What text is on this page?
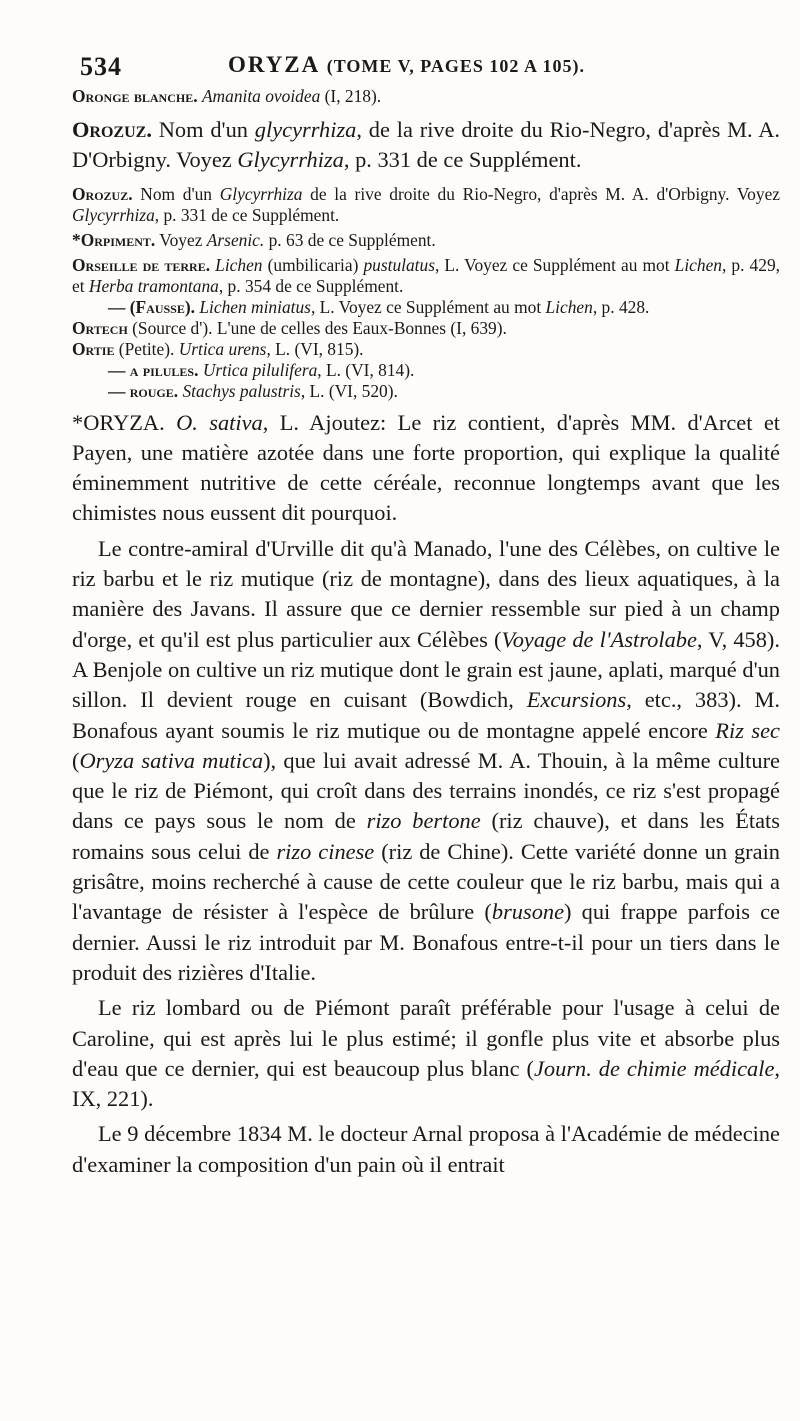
534	ORYZA (TOME V, PAGES 102 A 105).

Oronge blanche. Amanita ovoidea (I, 218).

Orozuz. Nom d'un glycyrrhiza, de la rive droite du Rio-Negro, d'après M. A. D'Orbigny. Voyez Glycyrrhiza, p. 331 de ce Supplément.

Orozuz. Nom d'un Glycyrrhiza de la rive droite du Rio-Negro, d'après M. A. d'Orbigny. Voyez Glycyrrhiza, p. 331 de ce Supplément.

*Orpiment. Voyez Arsenic. p. 63 de ce Supplément.

Orseille de terre. Lichen (umbilicaria) pustulatus, L. Voyez ce Supplément au mot Lichen, p. 429, et Herba tramontana, p. 354 de ce Supplément.

— (Fausse). Lichen miniatus, L. Voyez ce Supplément au mot Lichen, p. 428.

Ortech (Source d'). L'une de celles des Eaux-Bonnes (I, 639).

Ortie (Petite). Urtica urens, L. (VI, 815).

— a pilules. Urtica pilulifera, L. (VI, 814).

— rouge. Stachys palustris, L. (VI, 520).

*ORYZA. O. sativa, L. Ajoutez: Le riz contient, d'après MM. d'Arcet et Payen, une matière azotée dans une forte proportion, qui explique la qualité éminemment nutritive de cette céréale, reconnue longtemps avant que les chimistes nous eussent dit pourquoi.

Le contre-amiral d'Urville dit qu'à Manado, l'une des Célèbes, on cultive le riz barbu et le riz mutique (riz de montagne), dans des lieux aquatiques, à la manière des Javans. Il assure que ce dernier ressemble sur pied à un champ d'orge, et qu'il est plus particulier aux Célèbes (Voyage de l'Astrolabe, V, 458). A Benjole on cultive un riz mutique dont le grain est jaune, aplati, marqué d'un sillon. Il devient rouge en cuisant (Bowdich, Excursions, etc., 383). M. Bonafous ayant soumis le riz mutique ou de montagne appelé encore Riz sec (Oryza sativa mutica), que lui avait adressé M. A. Thouin, à la même culture que le riz de Piémont, qui croît dans des terrains inondés, ce riz s'est propagé dans ce pays sous le nom de rizo bertone (riz chauve), et dans les États romains sous celui de rizo cinese (riz de Chine). Cette variété donne un grain grisâtre, moins recherché à cause de cette couleur que le riz barbu, mais qui a l'avantage de résister à l'espèce de brûlure (brusone) qui frappe parfois ce dernier. Aussi le riz introduit par M. Bonafous entre-t-il pour un tiers dans le produit des rizières d'Italie.

Le riz lombard ou de Piémont paraît préférable pour l'usage à celui de Caroline, qui est après lui le plus estimé; il gonfle plus vite et absorbe plus d'eau que ce dernier, qui est beaucoup plus blanc (Journ. de chimie médicale, IX, 221).

Le 9 décembre 1834 M. le docteur Arnal proposa à l'Académie de médecine d'examiner la composition d'un pain où il entrait
